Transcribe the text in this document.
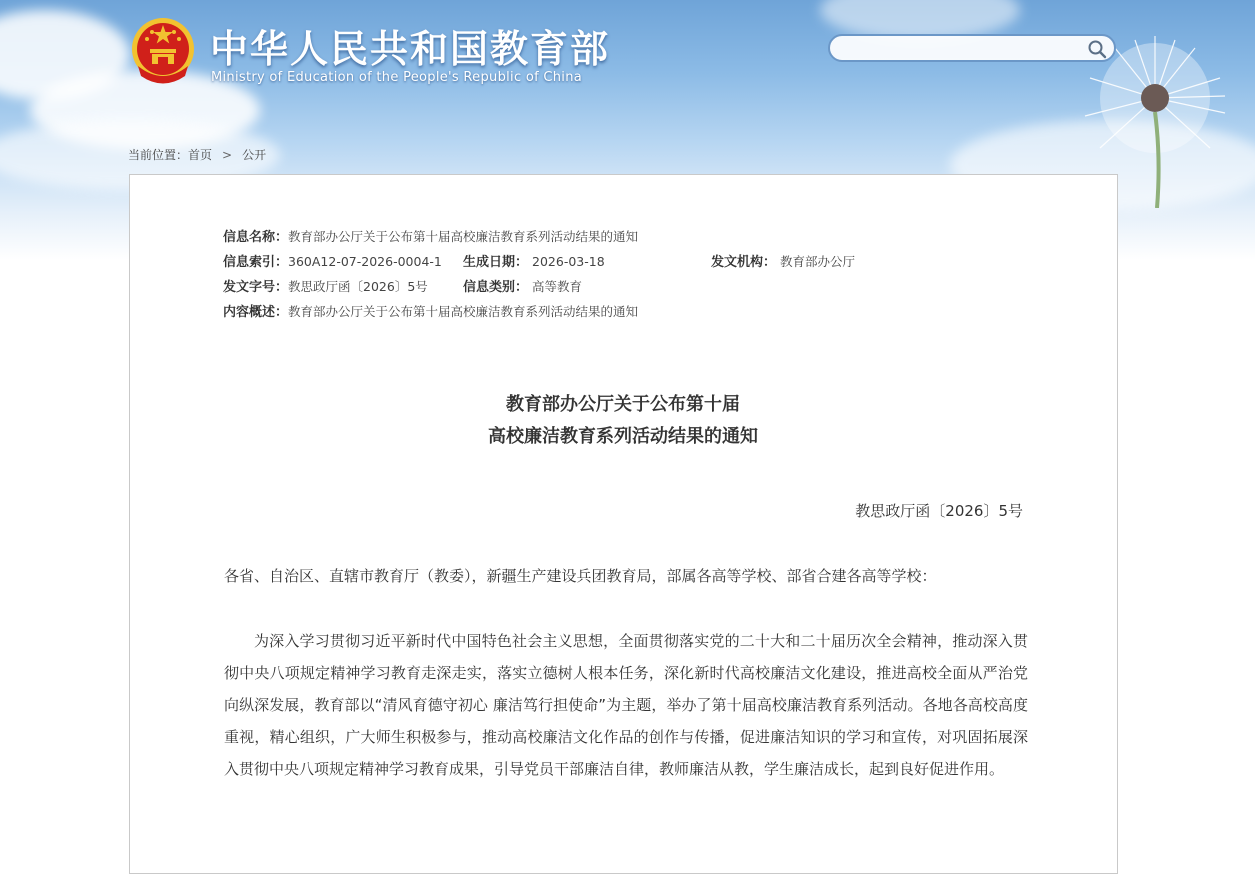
中华人民共和国教育部
Ministry of Education of the People's Republic of China
当前位置：首页 > 公开
信息名称：教育部办公厅关于公布第十届高校廉洁教育系列活动结果的通知
信息索引：360A12-07-2026-0004-1 生成日期： 2026-03-18	发文机构： 教育部办公厅
发文字号：教思政厅函〔2026〕5号	信息类别： 高等教育
内容概述：教育部办公厅关于公布第十届高校廉洁教育系列活动结果的通知
教育部办公厅关于公布第十届
高校廉洁教育系列活动结果的通知
教思政厅函〔2026〕5号
各省、自治区、直辖市教育厅（教委），新疆生产建设兵团教育局，部属各高等学校、部省合建各高等学校：
为深入学习贯彻习近平新时代中国特色社会主义思想，全面贯彻落实党的二十大和二十届历次全会精神，推动深入贯彻中央八项规定精神学习教育走深走实，落实立德树人根本任务，深化新时代高校廉洁文化建设，推进高校全面从严治党向纵深发展，教育部以“清风育德守初心 廉洁笃行担使命”为主题，举办了第十届高校廉洁教育系列活动。各地各高校高度重视，精心组织，广大师生积极参与，推动高校廉洁文化作品的创作与传播，促进廉洁知识的学习和宣传，对巩固拓展深入贯彻中央八项规定精神学习教育成果，引导党员干部廉洁自律，教师廉洁从教，学生廉洁成长，起到良好促进作用。
